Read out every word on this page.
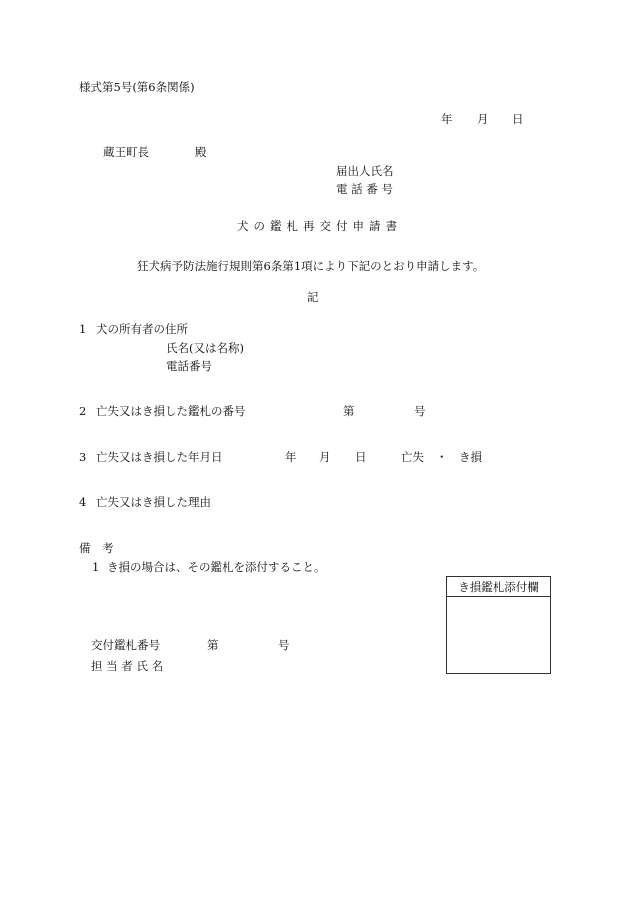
様式第5号(第6条関係)
年 月 日
蔵王町長	殿
届出人氏名
電 話 番 号
犬の鑑札再交付申請書
狂犬病予防法施行規則第6条第1項により下記のとおり申請します。
記
1 犬の所有者の住所
氏名(又は名称)
電話番号
2 亡失又はき損した鑑札の番号	第	号
3 亡失又はき損した年月日	年 月 日	亡失 ・ き損
4 亡失又はき損した理由
備　考
1 き損の場合は、その鑑札を添付すること。
き損鑑札添付欄
交付鑑札番号	第	号
担 当 者 氏 名
